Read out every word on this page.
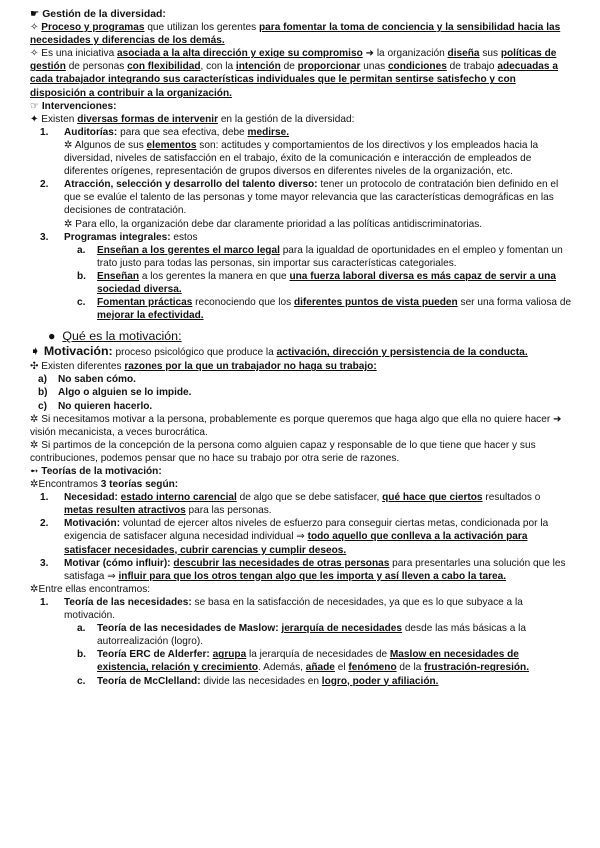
☛ Gestión de la diversidad:

✧ Proceso y programas que utilizan los gerentes para fomentar la toma de conciencia y la sensibilidad hacia las necesidades y diferencias de los demás.

✧ Es una iniciativa asociada a la alta dirección y exige su compromiso ➜ la organización diseña sus políticas de gestión de personas con flexibilidad, con la intención de proporcionar unas condiciones de trabajo adecuadas a cada trabajador integrando sus características individuales que le permitan sentirse satisfecho y con disposición a contribuir a la organización.

☞ Intervenciones:

✦ Existen diversas formas de intervenir en la gestión de la diversidad:

1. Auditorías: para que sea efectiva, debe medirse.

✲ Algunos de sus elementos son: actitudes y comportamientos de los directivos y los empleados hacia la diversidad, niveles de satisfacción en el trabajo, éxito de la comunicación e interacción de empleados de diferentes orígenes, representación de grupos diversos en diferentes niveles de la organización, etc.

2. Atracción, selección y desarrollo del talento diverso: tener un protocolo de contratación bien definido en el que se evalúe el talento de las personas y tome mayor relevancia que las características demográficas en las decisiones de contratación.

✲ Para ello, la organización debe dar claramente prioridad a las políticas antidiscriminatorias.

3. Programas integrales: estos

a. Enseñan a los gerentes el marco legal para la igualdad de oportunidades en el empleo y fomentan un trato justo para todas las personas, sin importar sus características categoriales.

b. Enseñan a los gerentes la manera en que una fuerza laboral diversa es más capaz de servir a una sociedad diversa.

c. Fomentan prácticas reconociendo que los diferentes puntos de vista pueden ser una forma valiosa de mejorar la efectividad.

● Qué es la motivación:

➧ Motivación: proceso psicológico que produce la activación, dirección y persistencia de la conducta.

✣ Existen diferentes razones por la que un trabajador no haga su trabajo:

a) No saben cómo.

b) Algo o alguien se lo impide.

c) No quieren hacerlo.

✲ Si necesitamos motivar a la persona, probablemente es porque queremos que haga algo que ella no quiere hacer ➜ visión mecanicista, a veces burocrática.

✲ Si partimos de la concepción de la persona como alguien capaz y responsable de lo que tiene que hacer y sus contribuciones, podemos pensar que no hace su trabajo por otra serie de razones.

➻ Teorías de la motivación:

✲Encontramos 3 teorías según:

1. Necesidad: estado interno carencial de algo que se debe satisfacer, qué hace que ciertos resultados o metas resulten atractivos para las personas.

2. Motivación: voluntad de ejercer altos niveles de esfuerzo para conseguir ciertas metas, condicionada por la exigencia de satisfacer alguna necesidad individual ⇒ todo aquello que conlleva a la activación para satisfacer necesidades, cubrir carencias y cumplir deseos.

3. Motivar (cómo influir): descubrir las necesidades de otras personas para presentarles una solución que les satisfaga ⇒ influir para que los otros tengan algo que les importa y así lleven a cabo la tarea.

✲Entre ellas encontramos:

1. Teoría de las necesidades: se basa en la satisfacción de necesidades, ya que es lo que subyace a la motivación.

a. Teoría de las necesidades de Maslow: jerarquía de necesidades desde las más básicas a la autorrealización (logro).

b. Teoría ERC de Alderfer: agrupa la jerarquía de necesidades de Maslow en necesidades de existencia, relación y crecimiento. Además, añade el fenómeno de la frustración-regresión.

c. Teoría de McClelland: divide las necesidades en logro, poder y afiliación.
